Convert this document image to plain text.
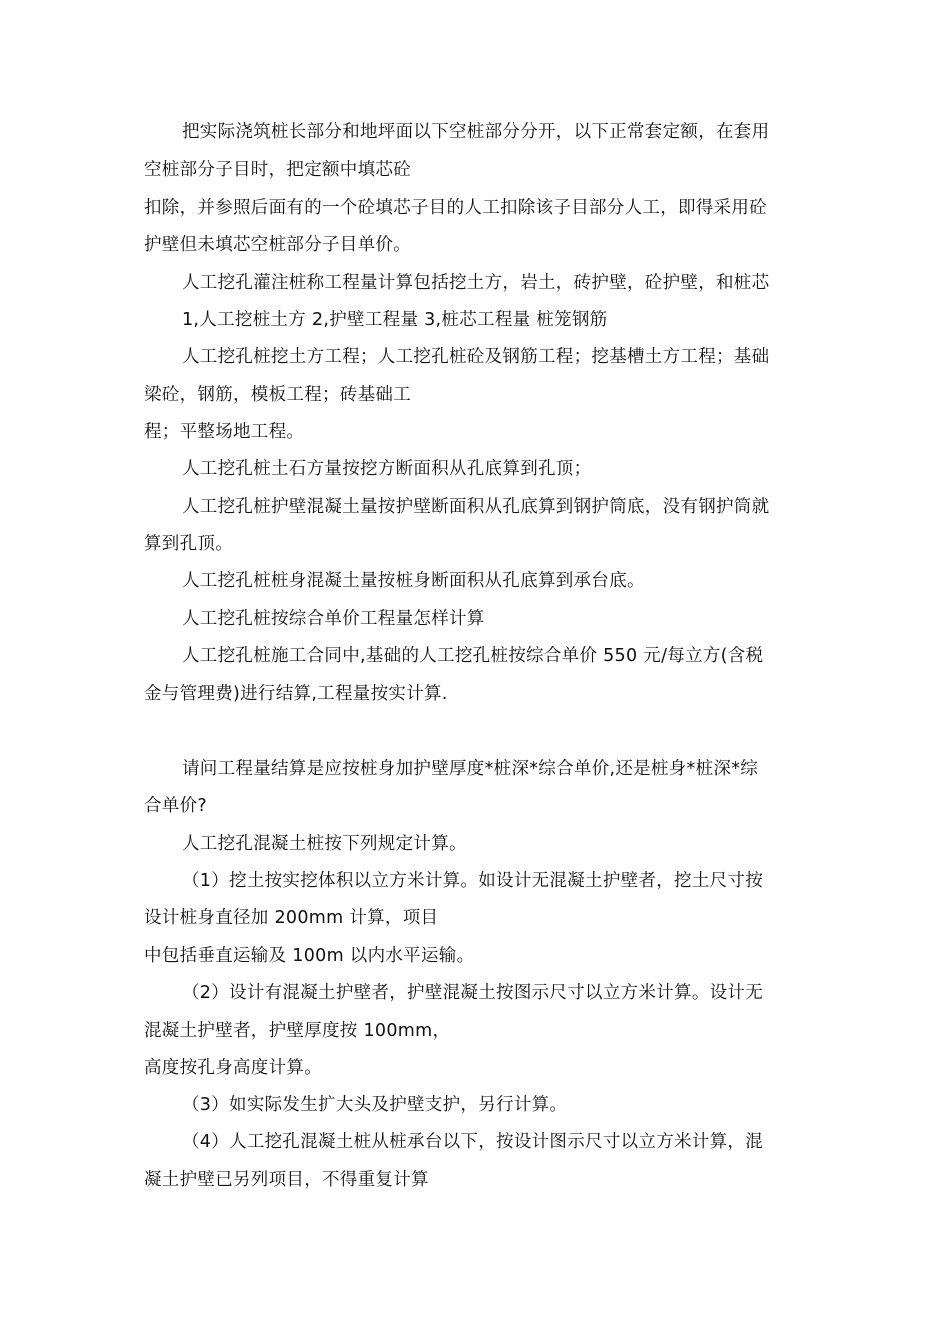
把实际浇筑桩长部分和地坪面以下空桩部分分开，以下正常套定额，在套用
空桩部分子目时，把定额中填芯砼
扣除，并参照后面有的一个砼填芯子目的人工扣除该子目部分人工，即得采用砼
护壁但未填芯空桩部分子目单价。
人工挖孔灌注桩称工程量计算包括挖土方，岩土，砖护壁，砼护壁，和桩芯
1,人工挖桩土方 2,护壁工程量 3,桩芯工程量 桩笼钢筋
人工挖孔桩挖土方工程；人工挖孔桩砼及钢筋工程；挖基槽土方工程；基础
梁砼，钢筋，模板工程；砖基础工
程；平整场地工程。
人工挖孔桩土石方量按挖方断面积从孔底算到孔顶；
人工挖孔桩护壁混凝土量按护壁断面积从孔底算到钢护筒底，没有钢护筒就
算到孔顶。
人工挖孔桩桩身混凝土量按桩身断面积从孔底算到承台底。
人工挖孔桩按综合单价工程量怎样计算
人工挖孔桩施工合同中,基础的人工挖孔桩按综合单价 550 元/每立方(含税
金与管理费)进行结算,工程量按实计算.
请问工程量结算是应按桩身加护壁厚度*桩深*综合单价,还是桩身*桩深*综
合单价?
人工挖孔混凝土桩按下列规定计算。
（1）挖土按实挖体积以立方米计算。如设计无混凝土护壁者，挖土尺寸按
设计桩身直径加 200mm 计算，项目
中包括垂直运输及 100m 以内水平运输。
（2）设计有混凝土护壁者，护壁混凝土按图示尺寸以立方米计算。设计无
混凝土护壁者，护壁厚度按 100mm，
高度按孔身高度计算。
（3）如实际发生扩大头及护壁支护，另行计算。
（4）人工挖孔混凝土桩从桩承台以下，按设计图示尺寸以立方米计算，混
凝土护壁已另列项目，不得重复计算
